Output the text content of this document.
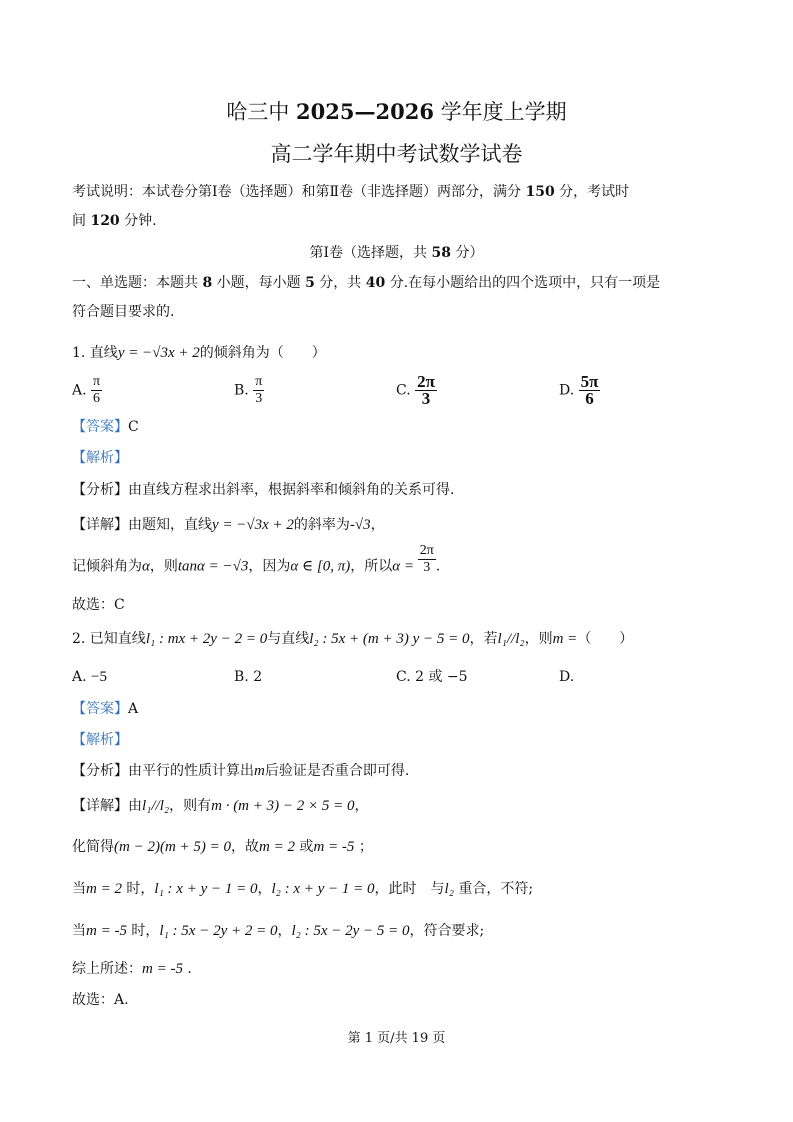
哈三中 2025—2026 学年度上学期
高二学年期中考试数学试卷
考试说明：本试卷分第Ⅰ卷（选择题）和第Ⅱ卷（非选择题）两部分，满分 150 分，考试时
间 120 分钟.
第Ⅰ卷（选择题，共 58 分）
一、单选题：本题共 8 小题，每小题 5 分，共 40 分.在每小题给出的四个选项中，只有一项是
符合题目要求的.
1. 直线y = −√3x + 2的倾斜角为（　　）
A. $\frac{\pi}{6}$	B. $\frac{\pi}{3}$	C. $\frac{2\pi}{3}$	D. $\frac{5\pi}{6}$
【答案】C
【解析】
【分析】由直线方程求出斜率，根据斜率和倾斜角的关系可得.
【详解】由题知，直线y = −√3x + 2的斜率为-√3，
记倾斜角为α，则tanα = −√3，因为α ∈ [0, π)，所以$\alpha = \frac{2\pi}{3}$ .
故选：C
2. 已知直线l₁ : mx + 2y − 2 = 0与直线l₂ : 5x + (m + 3) y − 5 = 0，若l₁//l₂，则m =（　　）
A. −5	B. 2	C. 2 或 −5	D.
【答案】A
【解析】
【分析】由平行的性质计算出m后验证是否重合即可得.
【详解】由l₁//l₂，则有m · (m + 3) − 2 × 5 = 0，
化简得(m − 2)(m + 5) = 0，故m = 2 或m = -5 ；
当m = 2 时，l₁ : x + y − 1 = 0，l₂ : x + y − 1 = 0，此时　与l₂ 重合，不符;
当m = -5 时，l₁ : 5x − 2y + 2 = 0，l₂ : 5x − 2y − 5 = 0，符合要求;
综上所述：m = -5 .
故选：A.
第 1 页/共 19 页
